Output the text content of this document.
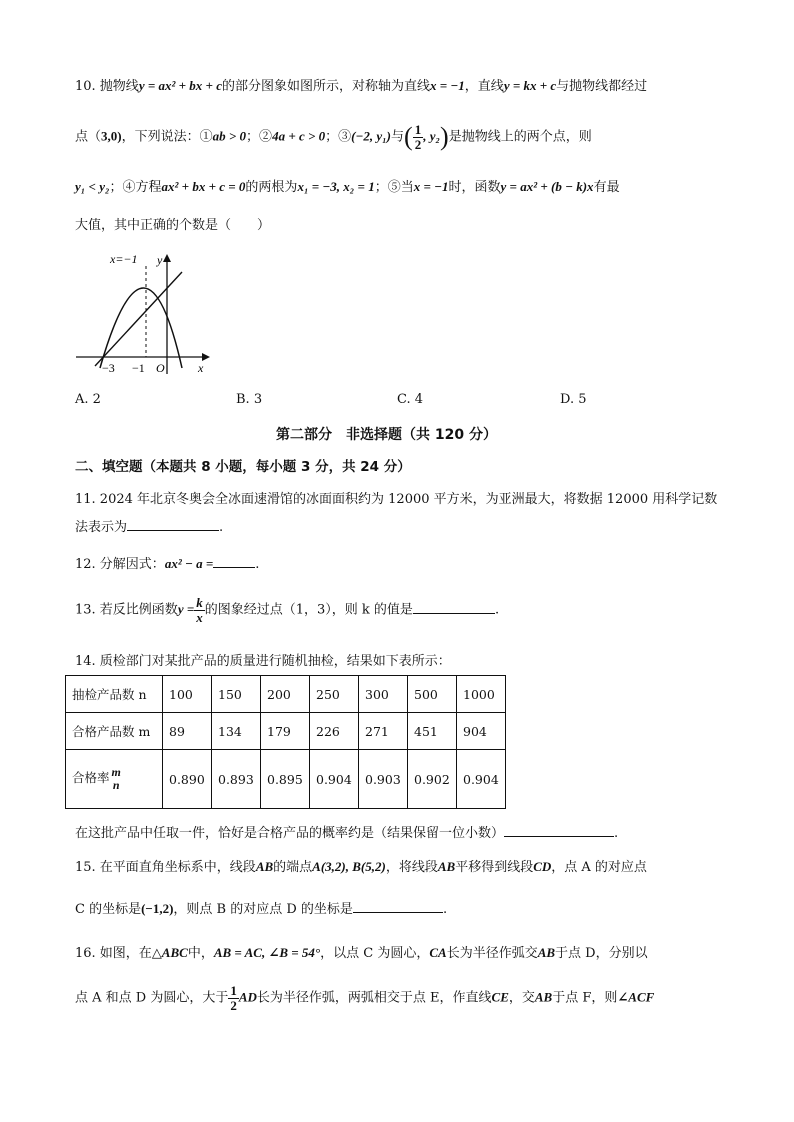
10. 抛物线y = ax² + bx + c的部分图象如图所示，对称轴为直线x = −1，直线y = kx + c与抛物线都经过
点（3,0)，下列说法：①ab > 0；②4a + c > 0；③(−2, y₁)与( $\frac{1}{2}$ , y₂)是抛物线上的两个点，则
y₁ < y₂；④方程ax² + bx + c = 0的两根为x₁ = −3, x₂ = 1；⑤当x = −1时，函数y = ax² + (b − k)x有最
大值，其中正确的个数是（　　）
x=−1 y
x
−3 −1 O
A. 2	B. 3	C. 4	D. 5
第二部分　非选择题（共 120 分）
二、填空题（本题共 8 小题，每小题 3 分，共 24 分）
11. 2024 年北京冬奥会全冰面速滑馆的冰面面积约为 12000 平方米，为亚洲最大，将数据 12000 用科学记数
法表示为	.
12. 分解因式：ax² − a =	.
13. 若反比例函数$y = \frac{k}{x}$ 的图象经过点（1，3），则 k 的值是	.
14. 质检部门对某批产品的质量进行随机抽检，结果如下表所示：
抽检产品数 n	100	150	200	250	300	500	1000
合格产品数 m	89	134	179	226	271	451	904
合格率 m
n	0.890	0.893	0.895	0.904	0.903	0.902	0.904
在这批产品中任取一件，恰好是合格产品的概率约是（结果保留一位小数）	.
15. 在平面直角坐标系中，线段AB的端点A(3,2), B(5,2)，将线段AB平移得到线段CD，点 A 的对应点
C 的坐标是(−1,2)，则点 B 的对应点 D 的坐标是	.
16. 如图，在△ABC中，AB = AC, ∠B = 54°，以点 C 为圆心，CA长为半径作弧交AB于点 D，分别以
点 A 和点 D 为圆心，大于 $\frac{1}{2}$ AD长为半径作弧，两弧相交于点 E，作直线CE，交AB于点 F，则∠ACF
